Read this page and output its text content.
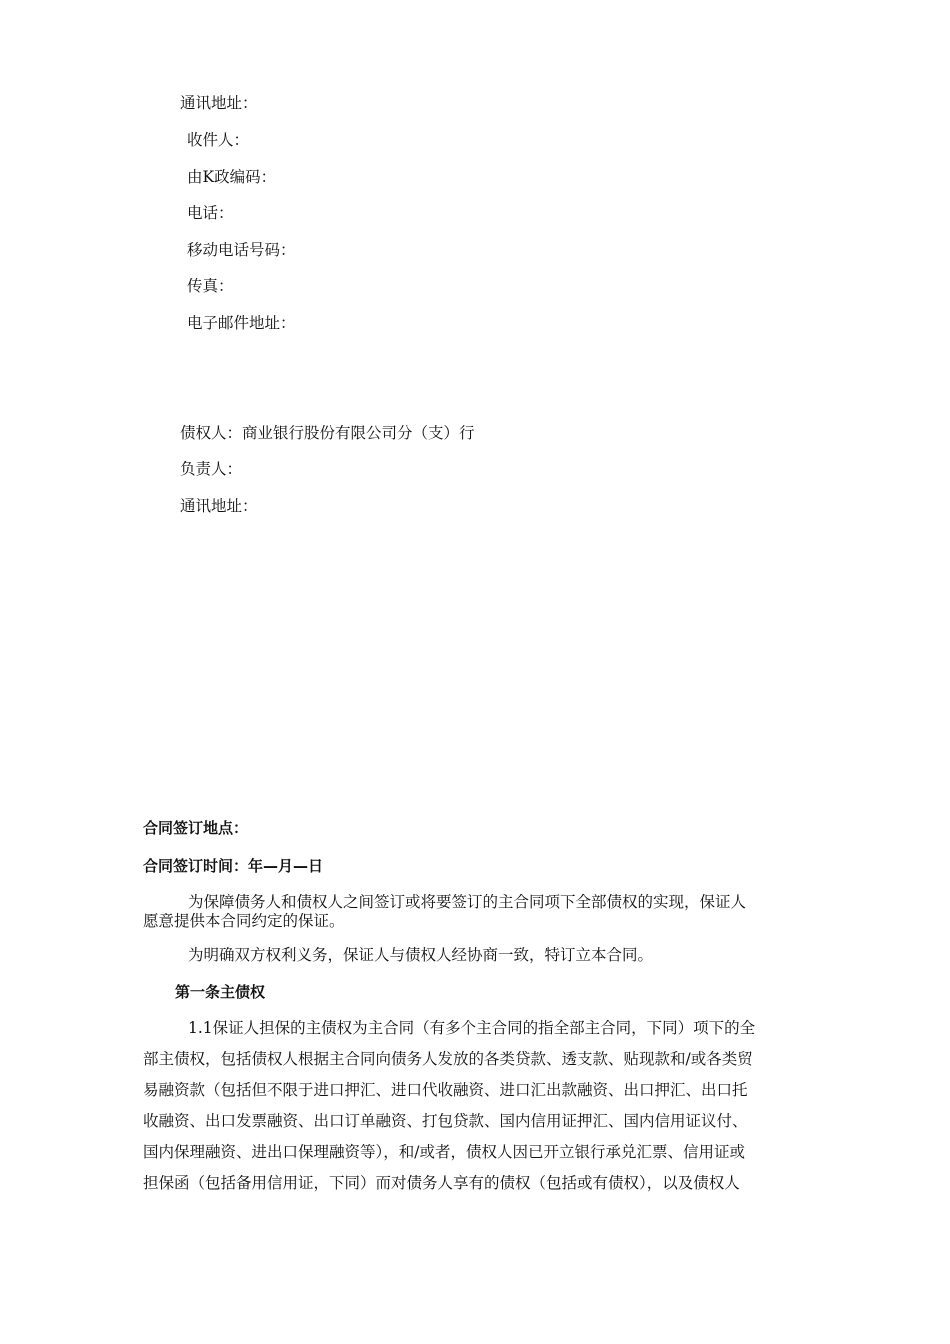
通讯地址：
收件人：
由K政编码：
电话：
移动电话号码：
传真：
电子邮件地址：
债权人：商业银行股份有限公司分（支）行
负责人：
通讯地址：
合同签订地点：
合同签订时间：年—月—日
为保障债务人和债权人之间签订或将要签订的主合同项下全部债权的实现，保证人
愿意提供本合同约定的保证。
为明确双方权利义务，保证人与债权人经协商一致，特订立本合同。
第一条主债权
1.1保证人担保的主债权为主合同（有多个主合同的指全部主合同，下同）项下的全
部主债权，包括债权人根据主合同向债务人发放的各类贷款、透支款、贴现款和/或各类贸
易融资款（包括但不限于进口押汇、进口代收融资、进口汇出款融资、出口押汇、出口托
收融资、出口发票融资、出口订单融资、打包贷款、国内信用证押汇、国内信用证议付、
国内保理融资、进出口保理融资等），和/或者，债权人因已开立银行承兑汇票、信用证或
担保函（包括备用信用证，下同）而对债务人享有的债权（包括或有债权），以及债权人
